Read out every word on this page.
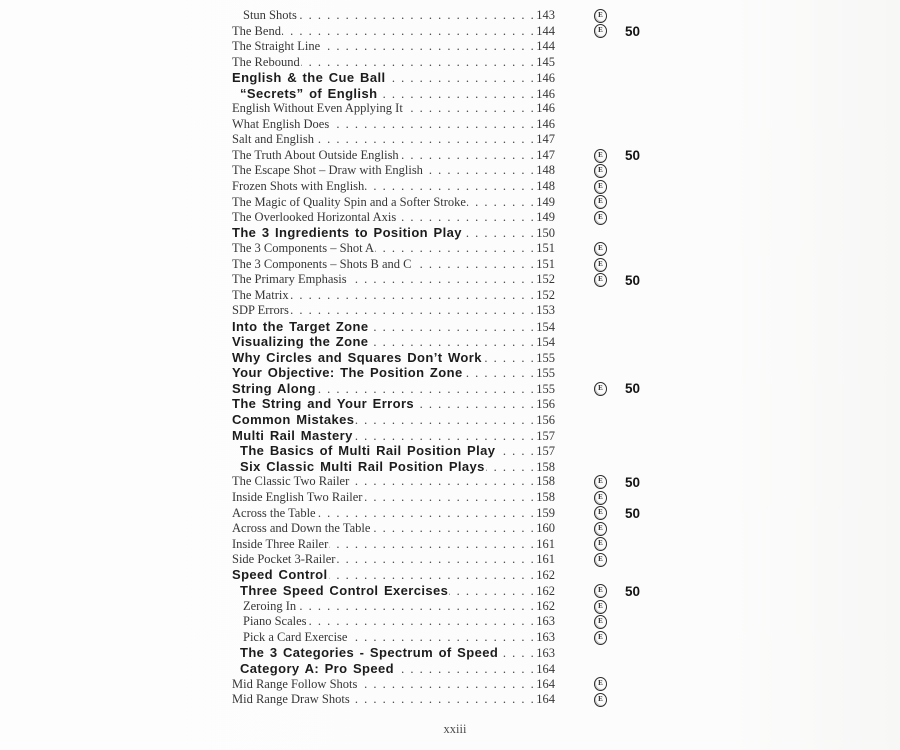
Stun Shots . . .	143	E
The Bend . . .	144	E	50
The Straight Line . . .	144
The Rebound . . .	145
English & the Cue Ball . . .	146
“Secrets” of English . . .	146
English Without Even Applying It . . .	146
What English Does . . .	146
Salt and English . . .	147
The Truth About Outside English . . .	147	E	50
The Escape Shot – Draw with English . . .	148	E
Frozen Shots with English . . .	148	E
The Magic of Quality Spin and a Softer Stroke . . .	149	E
The Overlooked Horizontal Axis . . .	149	E
The 3 Ingredients to Position Play . . .	150
The 3 Components – Shot A . . .	151	E
The 3 Components – Shots B and C . . .	151	E
The Primary Emphasis . . .	152	E	50
The Matrix . . .	152
SDP Errors . . .	153
Into the Target Zone . . .	154
Visualizing the Zone . . .	154
Why Circles and Squares Don’t Work . . .	155
Your Objective: The Position Zone . . .	155
String Along . . .	155	E	50
The String and Your Errors . . .	156
Common Mistakes . . .	156
Multi Rail Mastery . . .	157
The Basics of Multi Rail Position Play . . .	157
Six Classic Multi Rail Position Plays . . .	158
The Classic Two Railer . . .	158	E	50
Inside English Two Railer . . .	158	E
Across the Table . . .	159	E	50
Across and Down the Table . . .	160	E
Inside Three Railer . . .	161	E
Side Pocket 3-Railer . . .	161	E
Speed Control . . .	162
Three Speed Control Exercises . . .	162	E	50
Zeroing In . . .	162	E
Piano Scales . . .	163	E
Pick a Card Exercise . . .	163	E
The 3 Categories - Spectrum of Speed . . .	163
Category A: Pro Speed . . .	164
Mid Range Follow Shots . . .	164	E
Mid Range Draw Shots . . .	164	E
xxiii
